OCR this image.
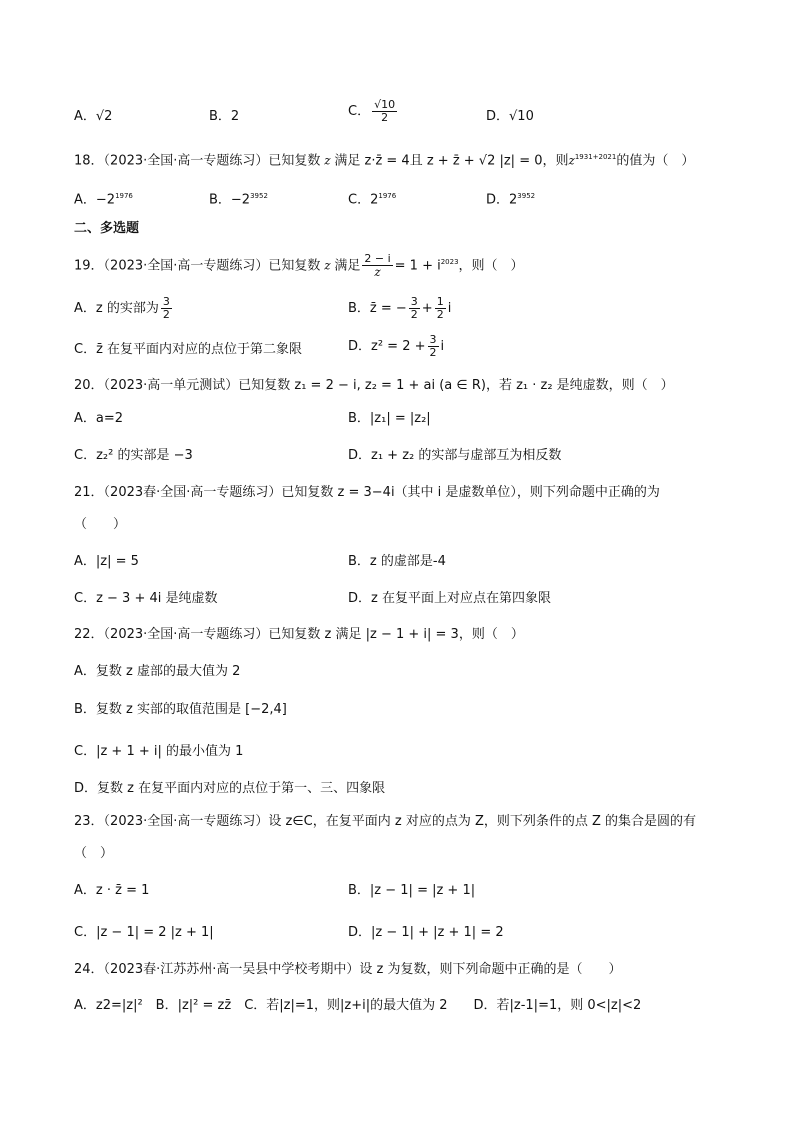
A．√2	B．2	C． $\frac{√10}{2}$	D．√10
18．（2023·全国·高一专题练习）已知复数 z 满足 z·z̄ = 4且 z + z̄ + √2 |z| = 0，则$z^{1931+2021}$的值为（　）
A．$-2^{1976}$	B．$-2^{3952}$	C．$2^{1976}$	D．$2^{3952}$
二、多选题
19．（2023·全国·高一专题练习）已知复数 z 满足 $\frac{2 - i}{z} = 1 + i^{2023}$，则（　）
A．z 的实部为 $\frac{3}{2}$	B．z̄ = − $\frac{3}{2} + \frac{1}{2}$ i
C．z̄ 在复平面内对应的点位于第二象限	D．$z^2 = 2 + \frac{3}{2}$ i
20．（2023·高一单元测试）已知复数 z₁ = 2 − i, z₂ = 1 + ai (a ∈ R)，若 z₁ · z₂ 是纯虚数，则（　）
A．a=2	B．|z₁| = |z₂|
C．z₂² 的实部是 −3	D．z₁ + z₂ 的实部与虚部互为相反数
21．（2023春·全国·高一专题练习）已知复数 z = 3−4i（其中 i 是虚数单位），则下列命题中正确的为
（　　）
A．|z| = 5	B．z 的虚部是-4
C．z − 3 + 4i 是纯虚数	D．z 在复平面上对应点在第四象限
22．（2023·全国·高一专题练习）已知复数 z 满足 |z − 1 + i| = 3，则（　）
A．复数 z 虚部的最大值为 2
B．复数 z 实部的取值范围是 [−2,4]
C．|z + 1 + i| 的最小值为 1
D．复数 z 在复平面内对应的点位于第一、三、四象限
23．（2023·全国·高一专题练习）设 z∈C，在复平面内 z 对应的点为 Z，则下列条件的点 Z 的集合是圆的有
（　）
A．z · z̄ = 1	B．|z − 1| = |z + 1|
C．|z − 1| = 2 |z + 1|	D．|z − 1| + |z + 1| = 2
24．（2023春·江苏苏州·高一吴县中学校考期中）设 z 为复数，则下列命题中正确的是（　　）
A．z2=|z|²　B．|z|² = zz̄　C．若|z|=1，则|z+i|的最大值为 2　　D．若|z-1|=1，则 0<|z|<2
